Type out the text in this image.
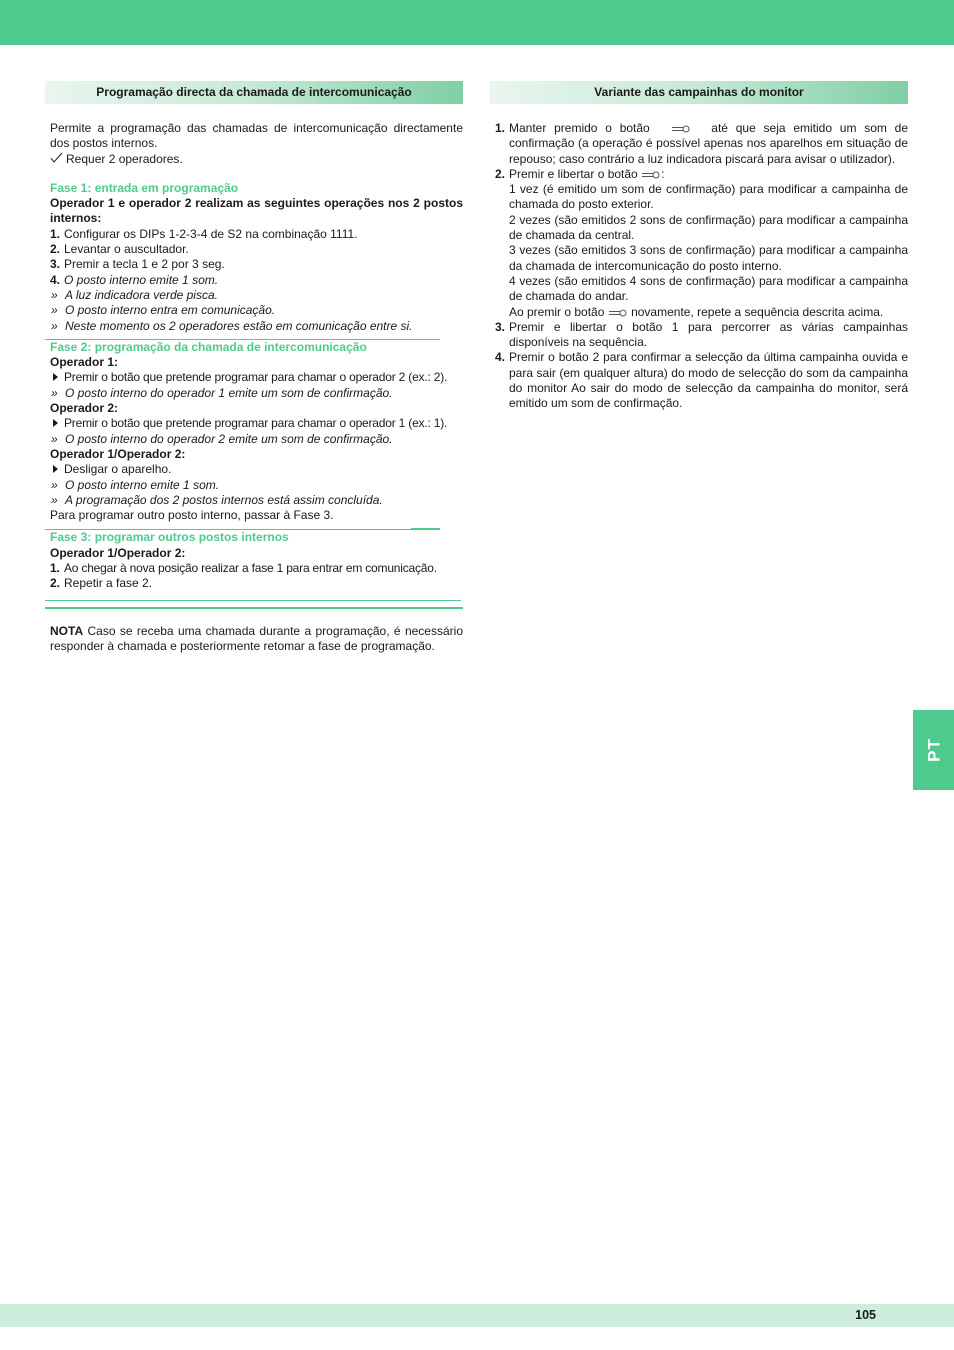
Programação directa da chamada de intercomunicação

Permite a programação das chamadas de intercomunicação directamente dos postos internos.

Requer 2 operadores.

Fase 1: entrada em programação

Operador 1 e operador 2 realizam as seguintes operações nos 2 postos internos:

1. Configurar os DIPs 1-2-3-4 de S2 na combinação 1111.
2. Levantar o auscultador.
3. Premir a tecla 1 e 2 por 3 seg.
4. O posto interno emite 1 som.

» A luz indicadora verde pisca.

» O posto interno entra em comunicação.

» Neste momento os 2 operadores estão em comunicação entre si.

Fase 2: programação da chamada de intercomunicação

Operador 1:

Premir o botão que pretende programar para chamar o operador 2 (ex.: 2).

» O posto interno do operador 1 emite um som de confirmação.

Operador 2:

Premir o botão que pretende programar para chamar o operador 1 (ex.: 1).

» O posto interno do operador 2 emite um som de confirmação.

Operador 1/Operador 2:

Desligar o aparelho.

» O posto interno emite 1 som.

» A programação dos 2 postos internos está assim concluída.

Para programar outro posto interno, passar à Fase 3.

Fase 3: programar outros postos internos

Operador 1/Operador 2:

1. Ao chegar à nova posição realizar a fase 1 para entrar em comunicação.
2. Repetir a fase 2.

NOTA Caso se receba uma chamada durante a programação, é necessário responder à chamada e posteriormente retomar a fase de programação.

Variante das campainhas do monitor
1. Manter premido o botão	até que seja emitido um som de confirmação (a operação é possível apenas nos aparelhos em situação de repouso; caso contrário a luz indicadora piscará para avisar o utilizador).
2. Premir e libertar o botão :
1 vez (é emitido um som de confirmação) para modificar a campainha de chamada do posto exterior.
2 vezes (são emitidos 2 sons de confirmação) para modificar a campainha de chamada da central.
3 vezes (são emitidos 3 sons de confirmação) para modificar a campainha da chamada de intercomunicação do posto interno.
4 vezes (são emitidos 4 sons de confirmação) para modificar a campainha de chamada do andar.
Ao premir o botão novamente, repete a sequência descrita acima.
3. Premir e libertar o botão 1 para percorrer as várias campainhas disponíveis na sequência.
4. Premir o botão 2 para confirmar a selecção da última campainha ouvida e para sair (em qualquer altura) do modo de selecção do som da campainha do monitor Ao sair do modo de selecção da campainha do monitor, será emitido um som de confirmação.
PT
105
